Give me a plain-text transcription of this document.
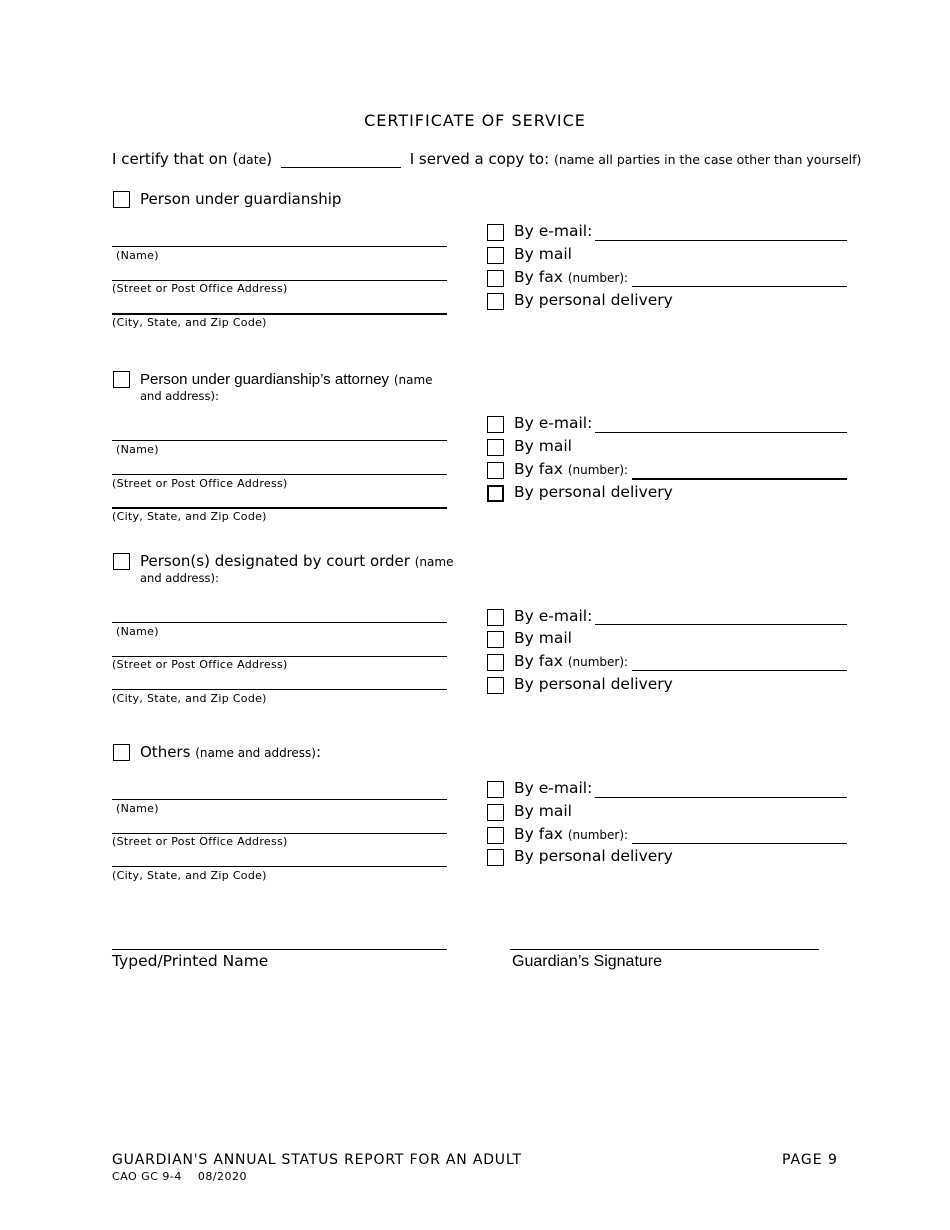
CERTIFICATE OF SERVICE
I certify that on (date)	I served a copy to: (name all parties in the case other than yourself)
Person under guardianship
(Name)
(Street or Post Office Address)
(City, State, and Zip Code)
By e-mail:
By mail
By fax (number):
By personal delivery
Person under guardianship’s attorney (name
and address):
(Name)
(Street or Post Office Address)
(City, State, and Zip Code)
By e-mail:
By mail
By fax (number):
By personal delivery
Person(s) designated by court order (name
and address):
(Name)
(Street or Post Office Address)
(City, State, and Zip Code)
By e-mail:
By mail
By fax (number):
By personal delivery
Others (name and address):
(Name)
(Street or Post Office Address)
(City, State, and Zip Code)
By e-mail:
By mail
By fax (number):
By personal delivery
Typed/Printed Name	Guardian’s Signature
GUARDIAN'S ANNUAL STATUS REPORT FOR AN ADULT
CAO GC 9-4 08/2020
PAGE 9
